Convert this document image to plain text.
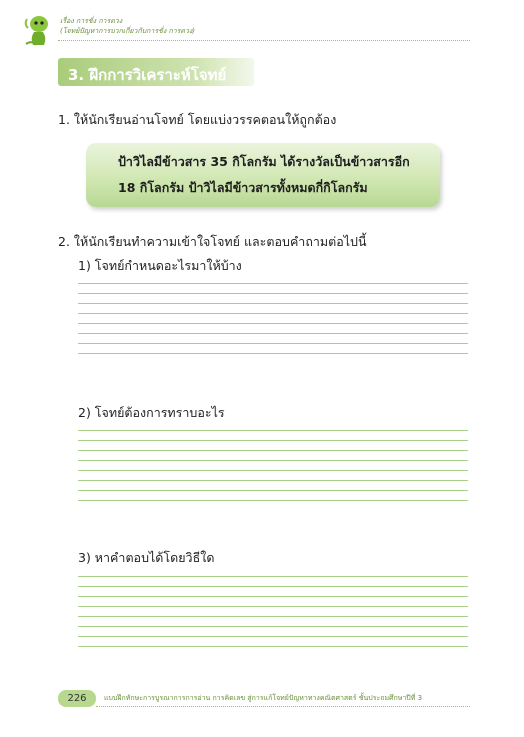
เรื่อง การชั่ง การตวง
(โจทย์ปัญหาการบวกเกี่ยวกับการชั่ง การตวง)
3. ฝึกการวิเคราะห์โจทย์
1. ให้นักเรียนอ่านโจทย์ โดยแบ่งวรรคตอนให้ถูกต้อง
ป้าวิไลมีข้าวสาร 35 กิโลกรัม ได้รางวัลเป็นข้าวสารอีก
18 กิโลกรัม ป้าวิไลมีข้าวสารทั้งหมดกี่กิโลกรัม
2. ให้นักเรียนทำความเข้าใจโจทย์ และตอบคำถามต่อไปนี้
1) โจทย์กำหนดอะไรมาให้บ้าง
2) โจทย์ต้องการทราบอะไร
3) หาคำตอบได้โดยวิธีใด
226	แบบฝึกทักษะการบูรณาการการอ่าน การคิดเลข สู่การแก้โจทย์ปัญหาทางคณิตศาสตร์ ชั้นประถมศึกษาปีที่ 3
